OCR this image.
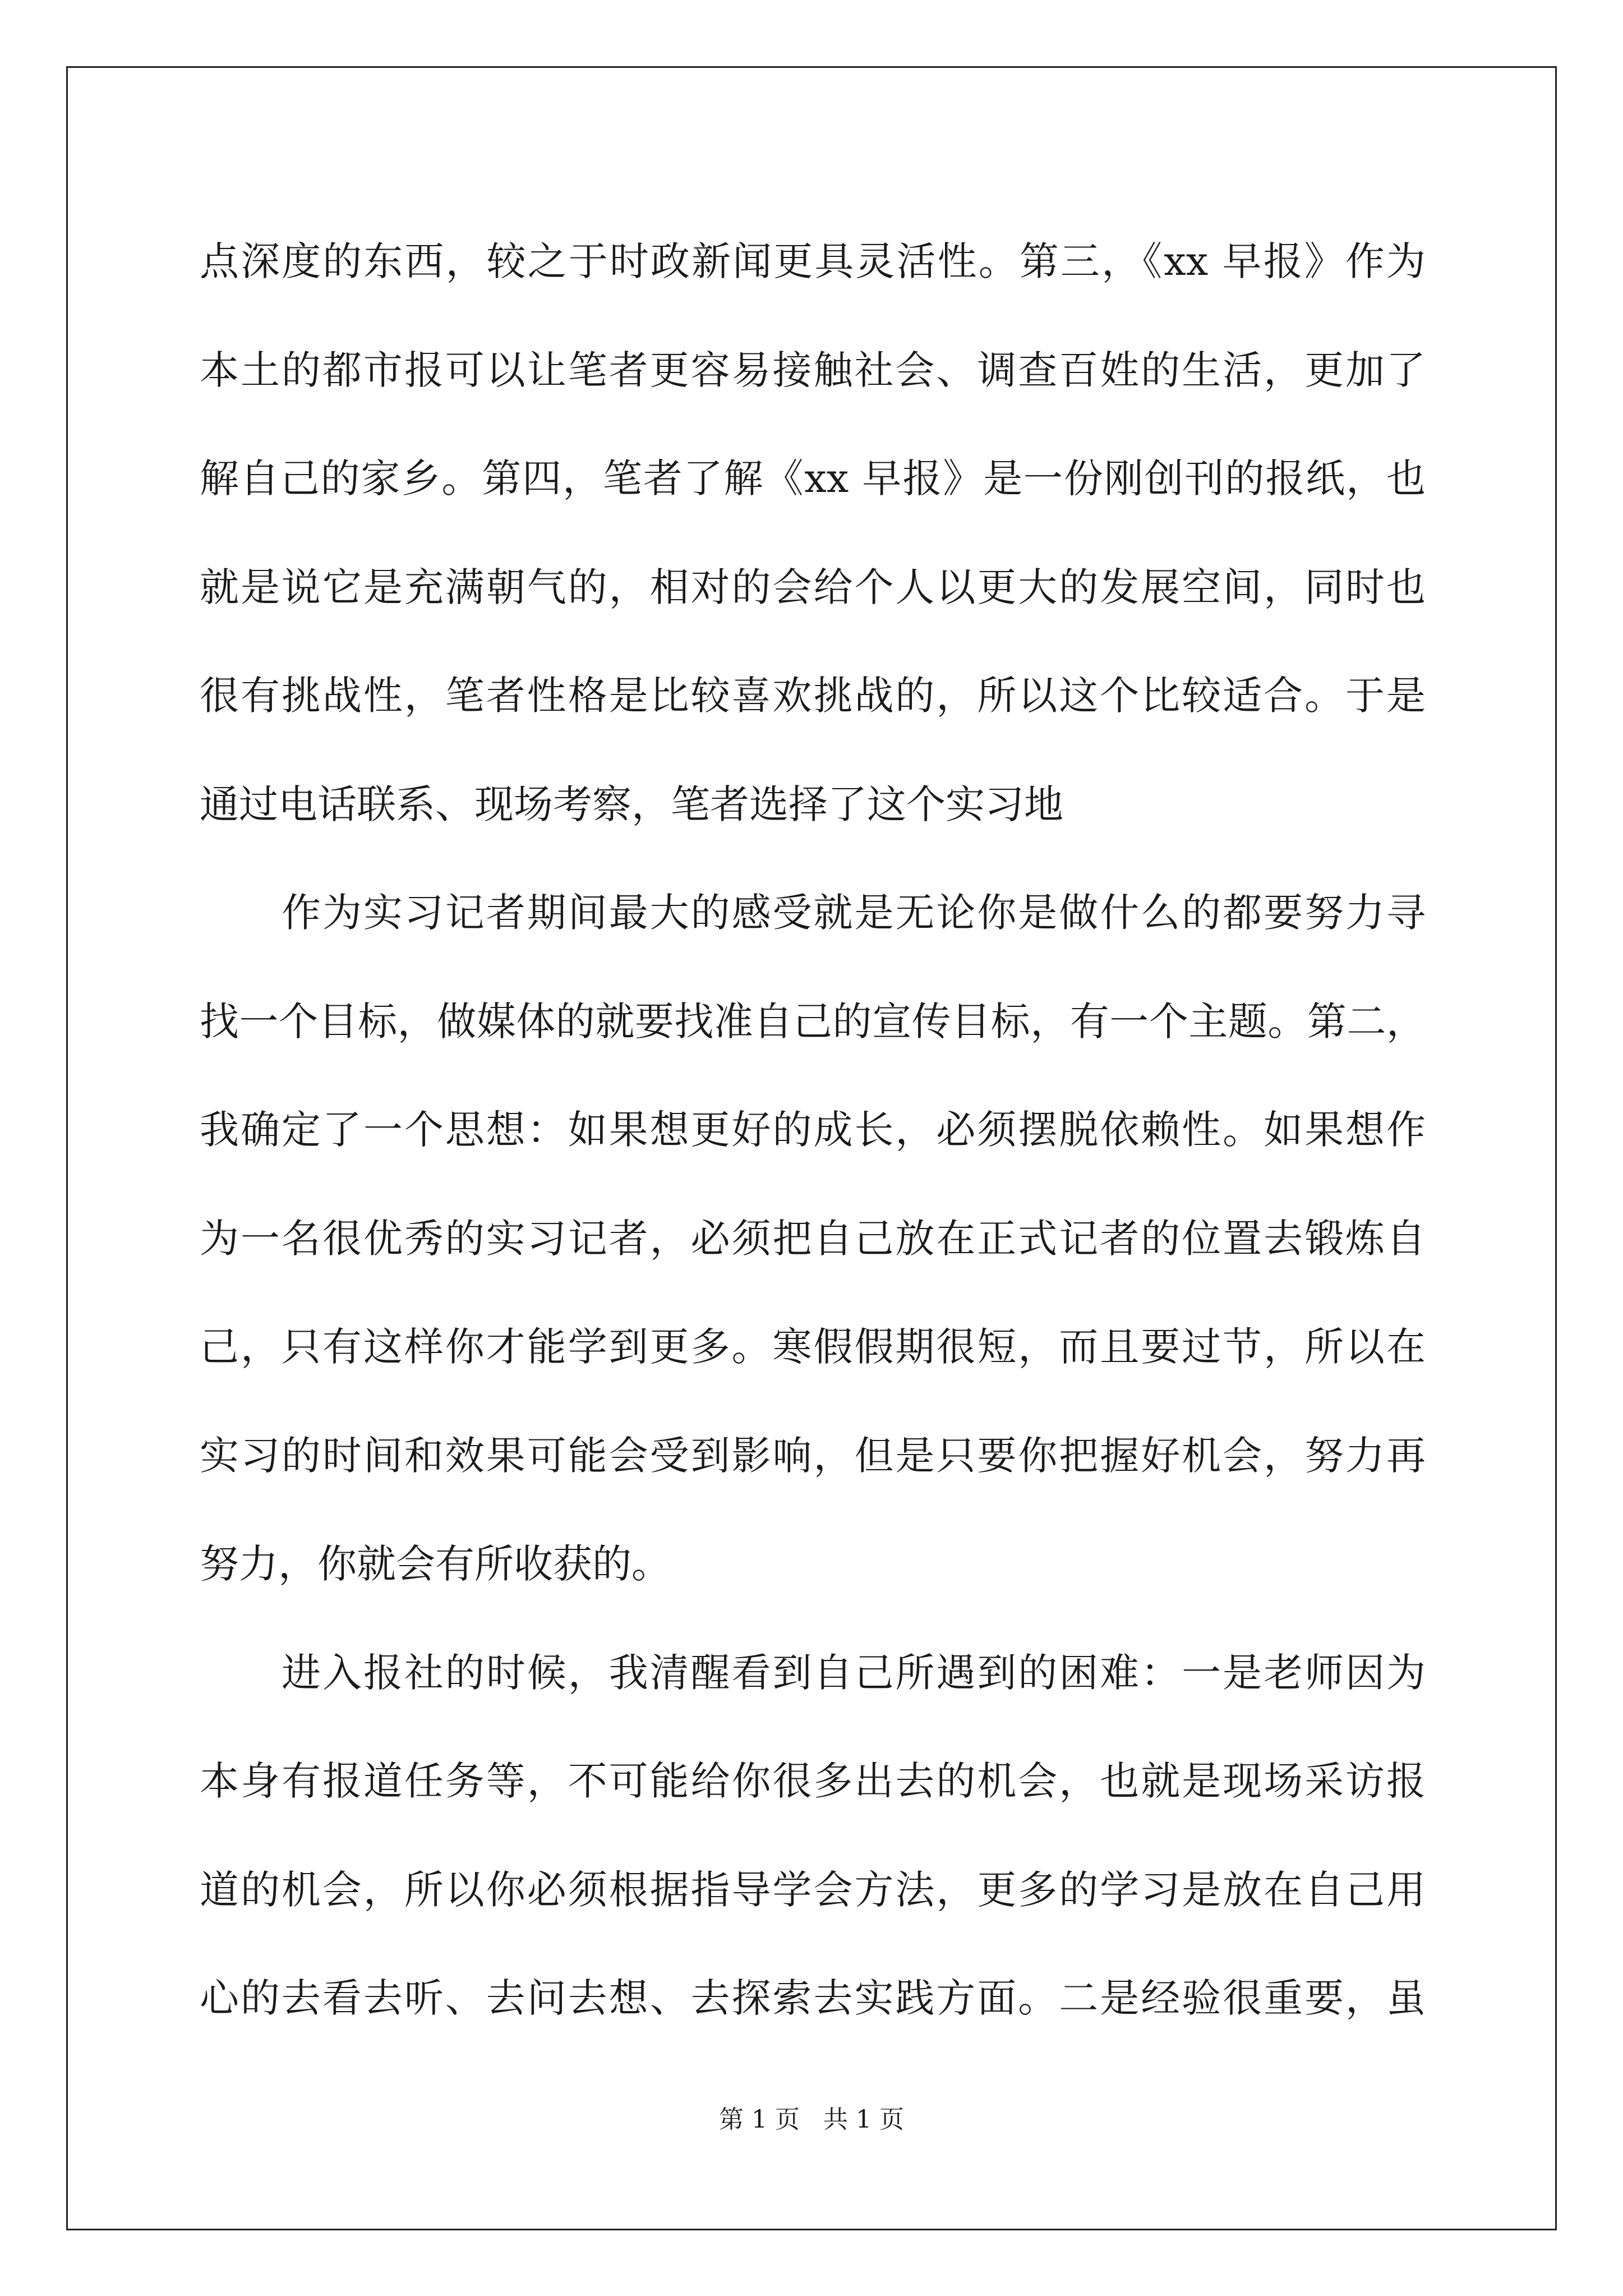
点深度的东西，较之于时政新闻更具灵活性。第三，《xx 早报》作为

本土的都市报可以让笔者更容易接触社会、调查百姓的生活，更加了

解自己的家乡。第四，笔者了解《xx 早报》是一份刚创刊的报纸，也

就是说它是充满朝气的，相对的会给个人以更大的发展空间，同时也

很有挑战性，笔者性格是比较喜欢挑战的，所以这个比较适合。于是

通过电话联系、现场考察，笔者选择了这个实习地

作为实习记者期间最大的感受就是无论你是做什么的都要努力寻

找一个目标，做媒体的就要找准自己的宣传目标，有一个主题。第二，

我确定了一个思想：如果想更好的成长，必须摆脱依赖性。如果想作

为一名很优秀的实习记者，必须把自己放在正式记者的位置去锻炼自

己，只有这样你才能学到更多。寒假假期很短，而且要过节，所以在

实习的时间和效果可能会受到影响，但是只要你把握好机会，努力再

努力，你就会有所收获的。

进入报社的时候，我清醒看到自己所遇到的困难：一是老师因为

本身有报道任务等，不可能给你很多出去的机会，也就是现场采访报

道的机会，所以你必须根据指导学会方法，更多的学习是放在自己用

心的去看去听、去问去想、去探索去实践方面。二是经验很重要，虽

第 1 页 共 1 页
